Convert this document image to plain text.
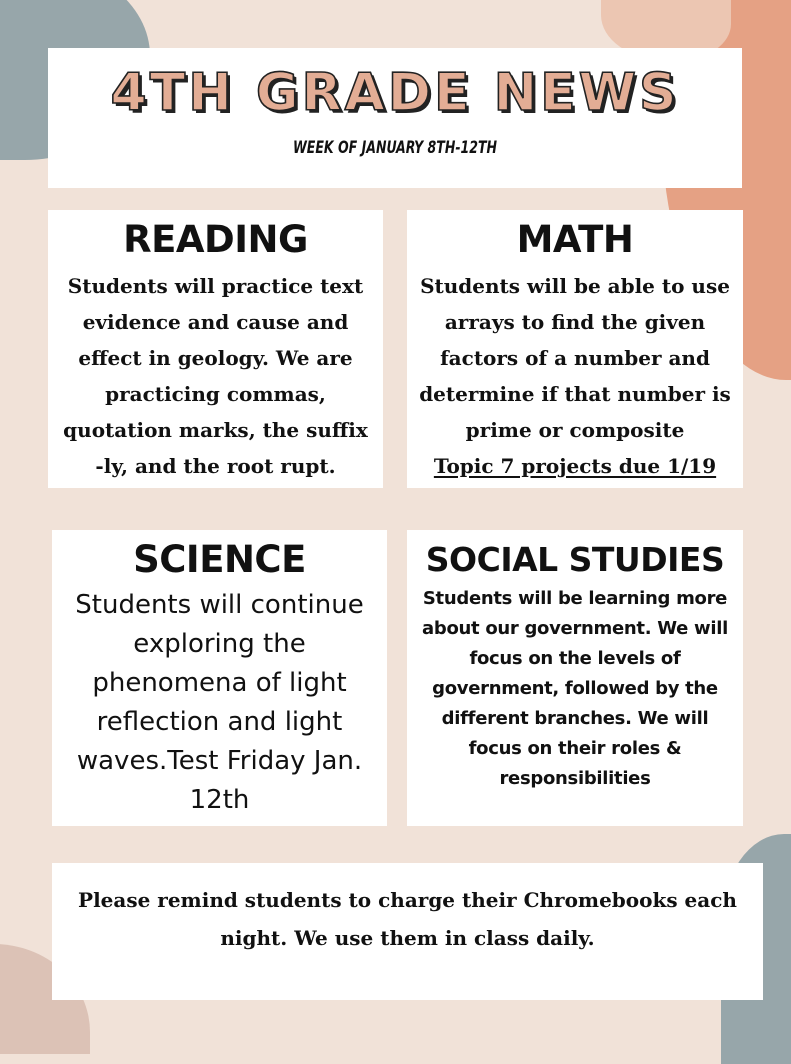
4TH GRADE NEWS
WEEK OF JANUARY 8TH-12TH
READING
Students will practice text evidence and cause and effect in geology. We are practicing commas, quotation marks, the suffix -ly, and the root rupt.
MATH
Students will be able to use arrays to find the given factors of a number and determine if that number is prime or composite
Topic 7 projects due 1/19
SCIENCE
Students will continue exploring the phenomena of light reflection and light waves.Test Friday Jan. 12th
SOCIAL STUDIES
Students will be learning more about our government. We will focus on the levels of government, followed by the different branches. We will focus on their roles & responsibilities
Please remind students to charge their Chromebooks each night. We use them in class daily.
